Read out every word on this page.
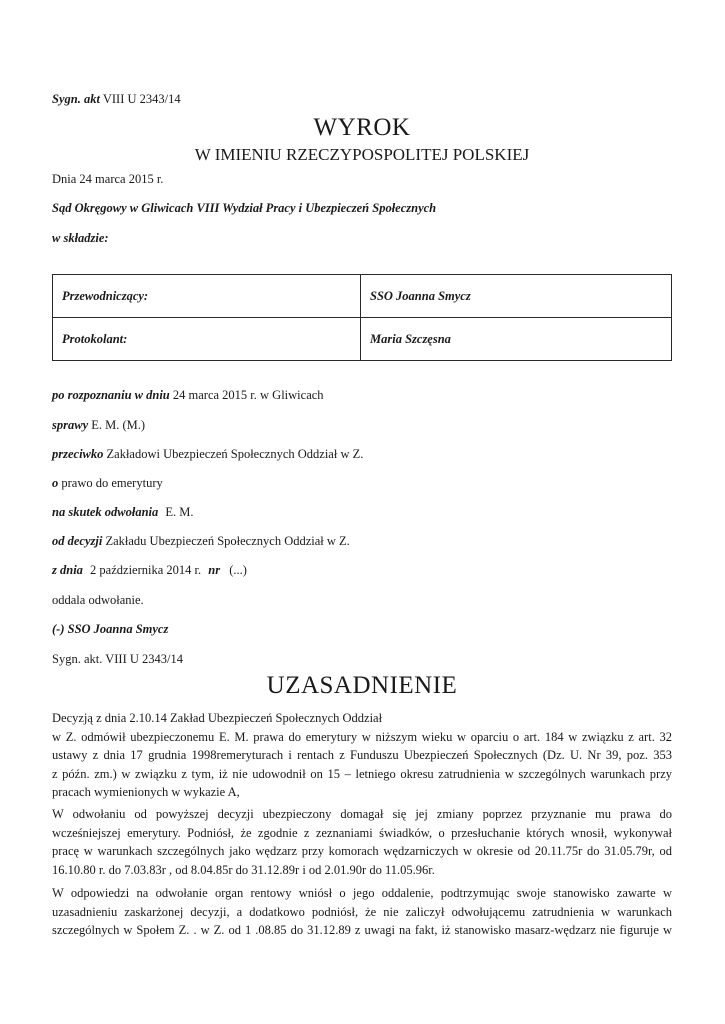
Sygn. akt VIII U 2343/14
WYROK
W IMIENIU RZECZYPOSPOLITEJ POLSKIEJ
Dnia 24 marca 2015 r.
Sąd Okręgowy w Gliwicach VIII Wydział Pracy i Ubezpieczeń Społecznych
w składzie:
Przewodniczący:	SSO Joanna Smycz
Protokolant:	Maria Szczęsna
po rozpoznaniu w dniu 24 marca 2015 r. w Gliwicach
sprawy E. M. (M.)
przeciwko Zakładowi Ubezpieczeń Społecznych Oddział w Z.
o prawo do emerytury
na skutek odwołania E. M.
od decyzji Zakładu Ubezpieczeń Społecznych Oddział w Z.
z dnia 2 października 2014 r. nr (...)
oddala odwołanie.
(-) SSO Joanna Smycz
Sygn. akt. VIII U 2343/14
UZASADNIENIE
Decyzją z dnia 2.10.14 Zakład Ubezpieczeń Społecznych Oddział
w Z. odmówił ubezpieczonemu E. M. prawa do emerytury w niższym wieku w oparciu o art. 184 w związku z art. 32
ustawy z dnia 17 grudnia 1998remeryturach i rentach z Funduszu Ubezpieczeń Społecznych (Dz. U. Nr 39, poz. 353
z późn. zm.) w związku z tym, iż nie udowodnił on 15 – letniego okresu zatrudnienia w szczególnych warunkach przy
pracach wymienionych w wykazie A,
W odwołaniu od powyższej decyzji ubezpieczony domagał się jej zmiany poprzez przyznanie mu prawa do
wcześniejszej emerytury. Podniósł, że zgodnie z zeznaniami świadków, o przesłuchanie których wnosił, wykonywał
pracę w warunkach szczególnych jako wędzarz przy komorach wędzarniczych w okresie od 20.11.75r do 31.05.79r, od
16.10.80 r. do 7.03.83r , od 8.04.85r do 31.12.89r i od 2.01.90r do 11.05.96r.
W odpowiedzi na odwołanie organ rentowy wniósł o jego oddalenie, podtrzymując swoje stanowisko zawarte w
uzasadnieniu zaskarżonej decyzji, a dodatkowo podniósł, że nie zaliczył odwołującemu zatrudnienia w warunkach
szczególnych w Społem Z. . w Z. od 1 .08.85 do 31.12.89 z uwagi na fakt, iż stanowisko masarz-wędzarz nie figuruje w
